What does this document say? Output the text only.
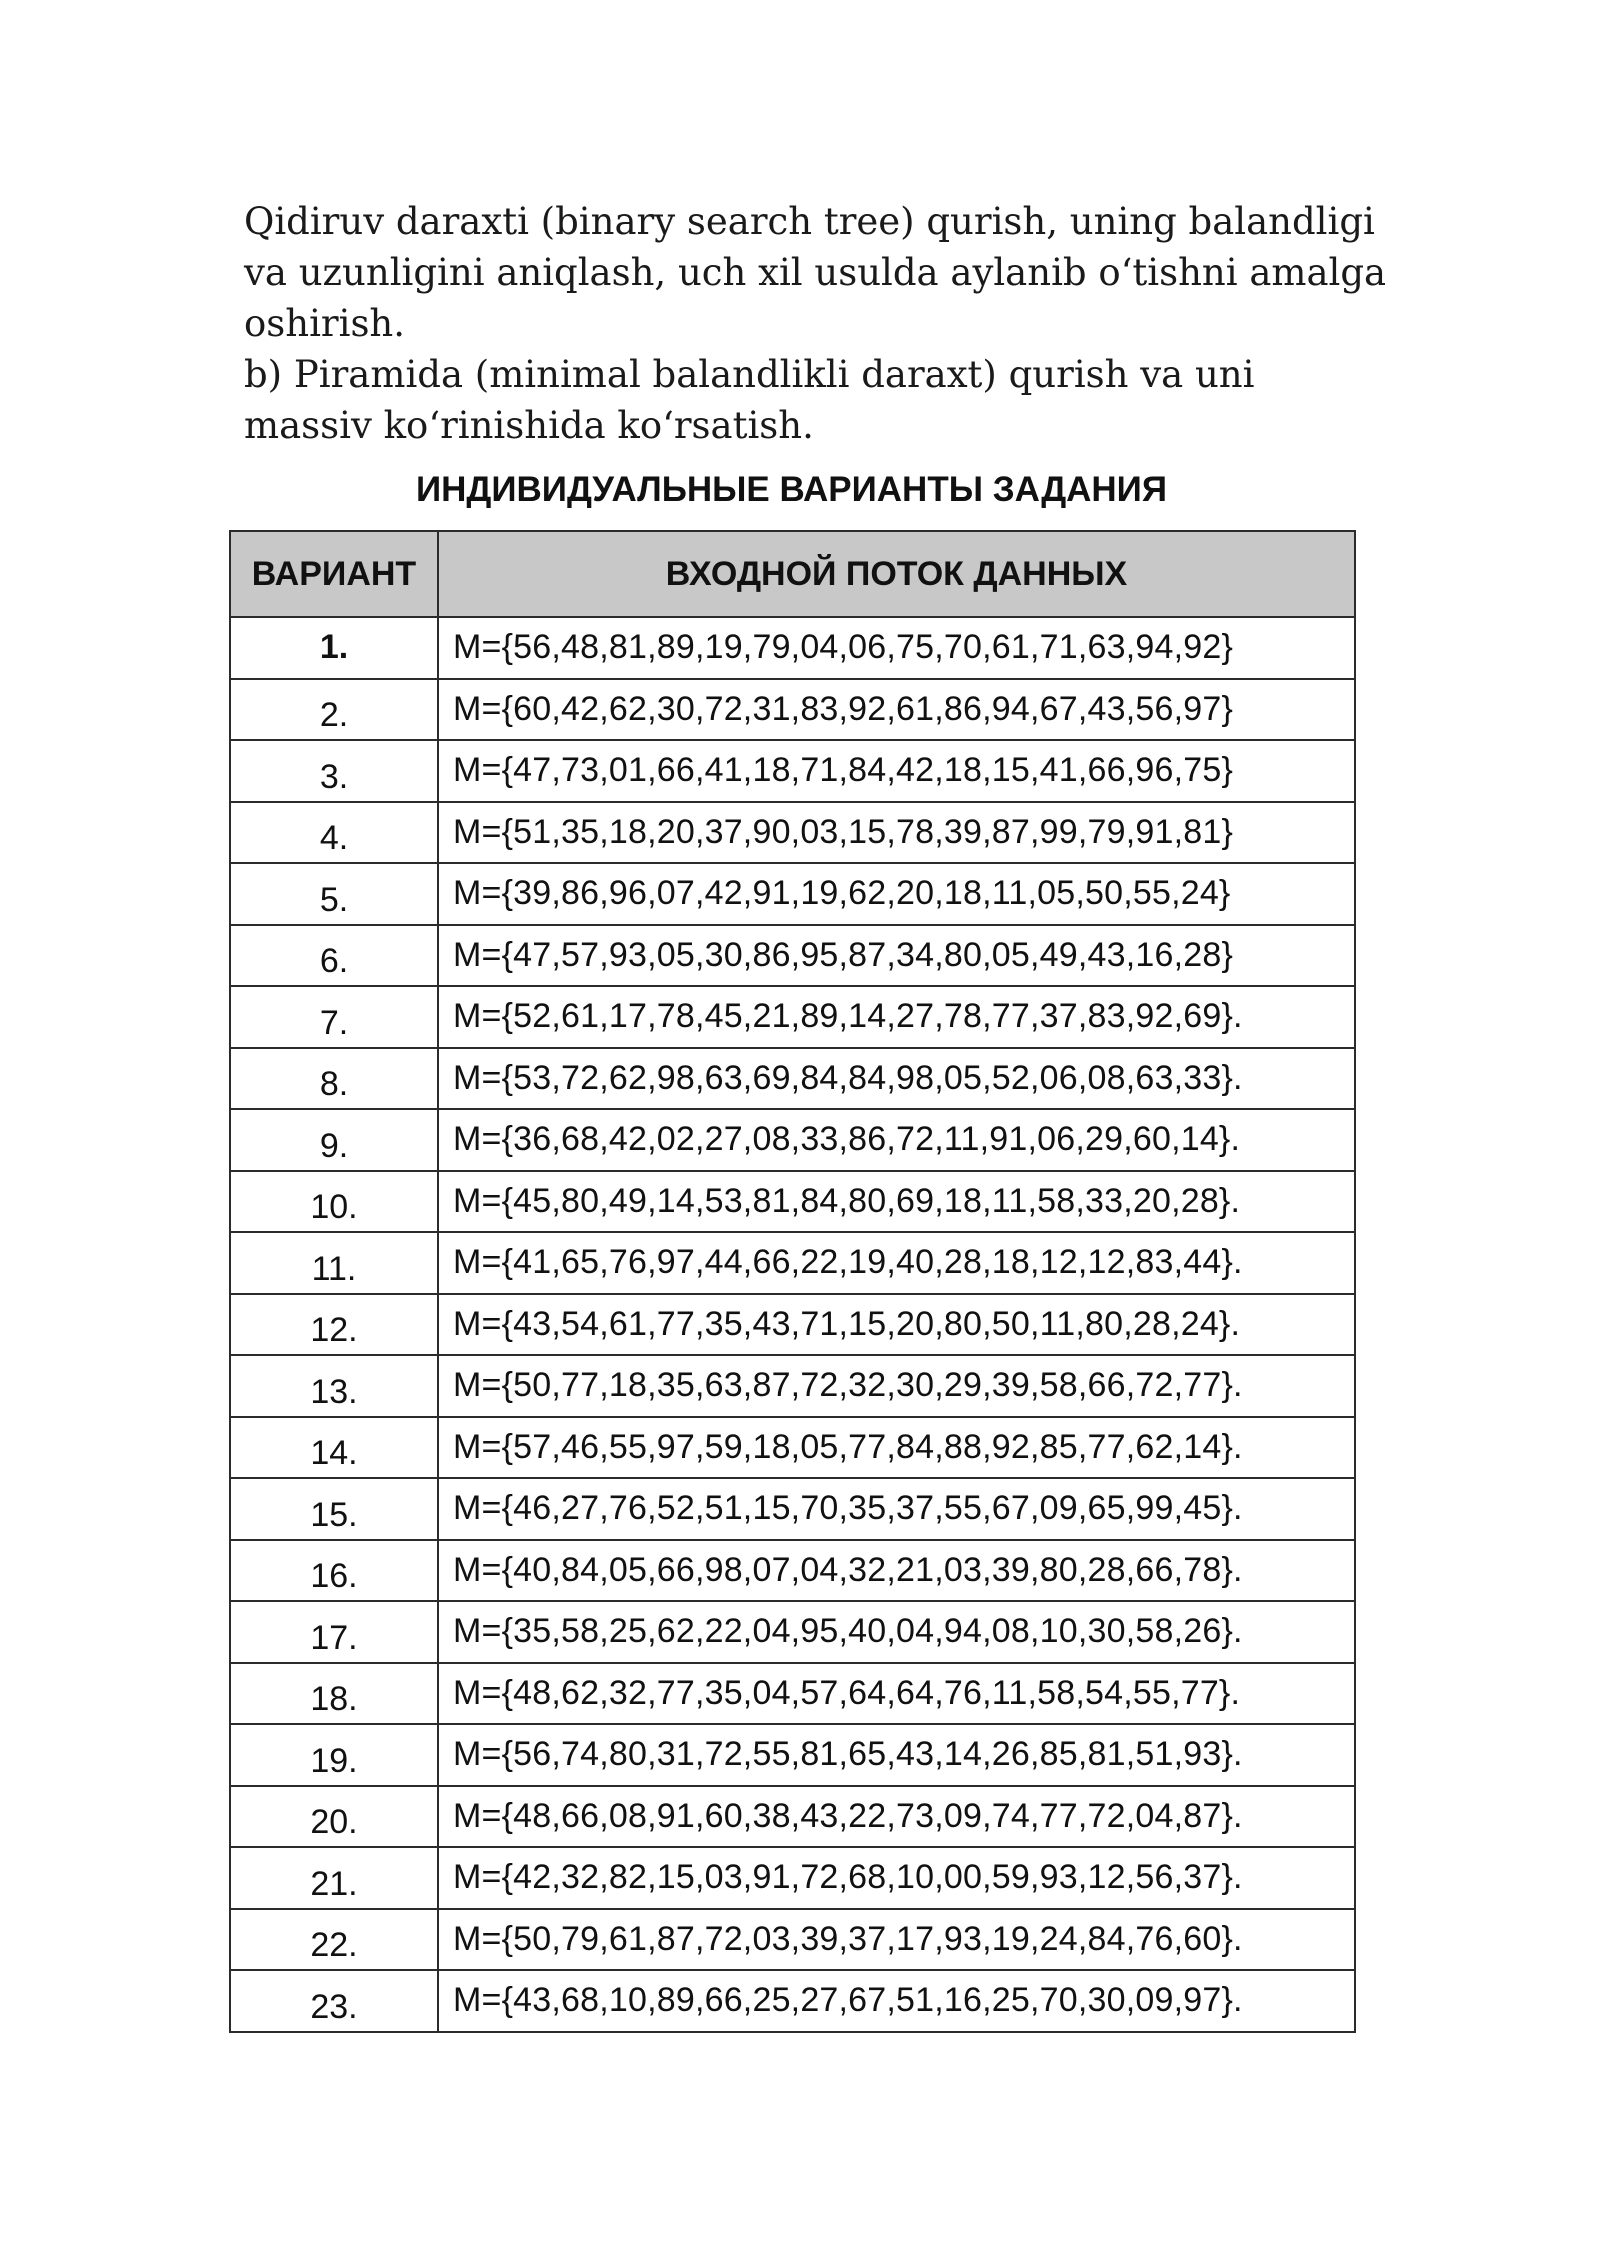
Qidiruv daraxti (binary search tree) qurish, uning balandligi va uzunligini aniqlash, uch xil usulda aylanib o‘tishni amalga oshirish.

b) Piramida (minimal balandlikli daraxt) qurish va uni massiv ko‘rinishida ko‘rsatish.

ИНДИВИДУАЛЬНЫЕ ВАРИАНТЫ ЗАДАНИЯ
ВАРИАНТ	ВХОДНОЙ ПОТОК ДАННЫХ
1.	M={56,48,81,89,19,79,04,06,75,70,61,71,63,94,92}
2.	M={60,42,62,30,72,31,83,92,61,86,94,67,43,56,97}
3.	M={47,73,01,66,41,18,71,84,42,18,15,41,66,96,75}
4.	M={51,35,18,20,37,90,03,15,78,39,87,99,79,91,81}
5.	M={39,86,96,07,42,91,19,62,20,18,11,05,50,55,24}
6.	M={47,57,93,05,30,86,95,87,34,80,05,49,43,16,28}
7.	M={52,61,17,78,45,21,89,14,27,78,77,37,83,92,69}.
8.	M={53,72,62,98,63,69,84,84,98,05,52,06,08,63,33}.
9.	M={36,68,42,02,27,08,33,86,72,11,91,06,29,60,14}.
10.	M={45,80,49,14,53,81,84,80,69,18,11,58,33,20,28}.
11.	M={41,65,76,97,44,66,22,19,40,28,18,12,12,83,44}.
12.	M={43,54,61,77,35,43,71,15,20,80,50,11,80,28,24}.
13.	M={50,77,18,35,63,87,72,32,30,29,39,58,66,72,77}.
14.	M={57,46,55,97,59,18,05,77,84,88,92,85,77,62,14}.
15.	M={46,27,76,52,51,15,70,35,37,55,67,09,65,99,45}.
16.	M={40,84,05,66,98,07,04,32,21,03,39,80,28,66,78}.
17.	M={35,58,25,62,22,04,95,40,04,94,08,10,30,58,26}.
18.	M={48,62,32,77,35,04,57,64,64,76,11,58,54,55,77}.
19.	M={56,74,80,31,72,55,81,65,43,14,26,85,81,51,93}.
20.	M={48,66,08,91,60,38,43,22,73,09,74,77,72,04,87}.
21.	M={42,32,82,15,03,91,72,68,10,00,59,93,12,56,37}.
22.	M={50,79,61,87,72,03,39,37,17,93,19,24,84,76,60}.
23.	M={43,68,10,89,66,25,27,67,51,16,25,70,30,09,97}.
